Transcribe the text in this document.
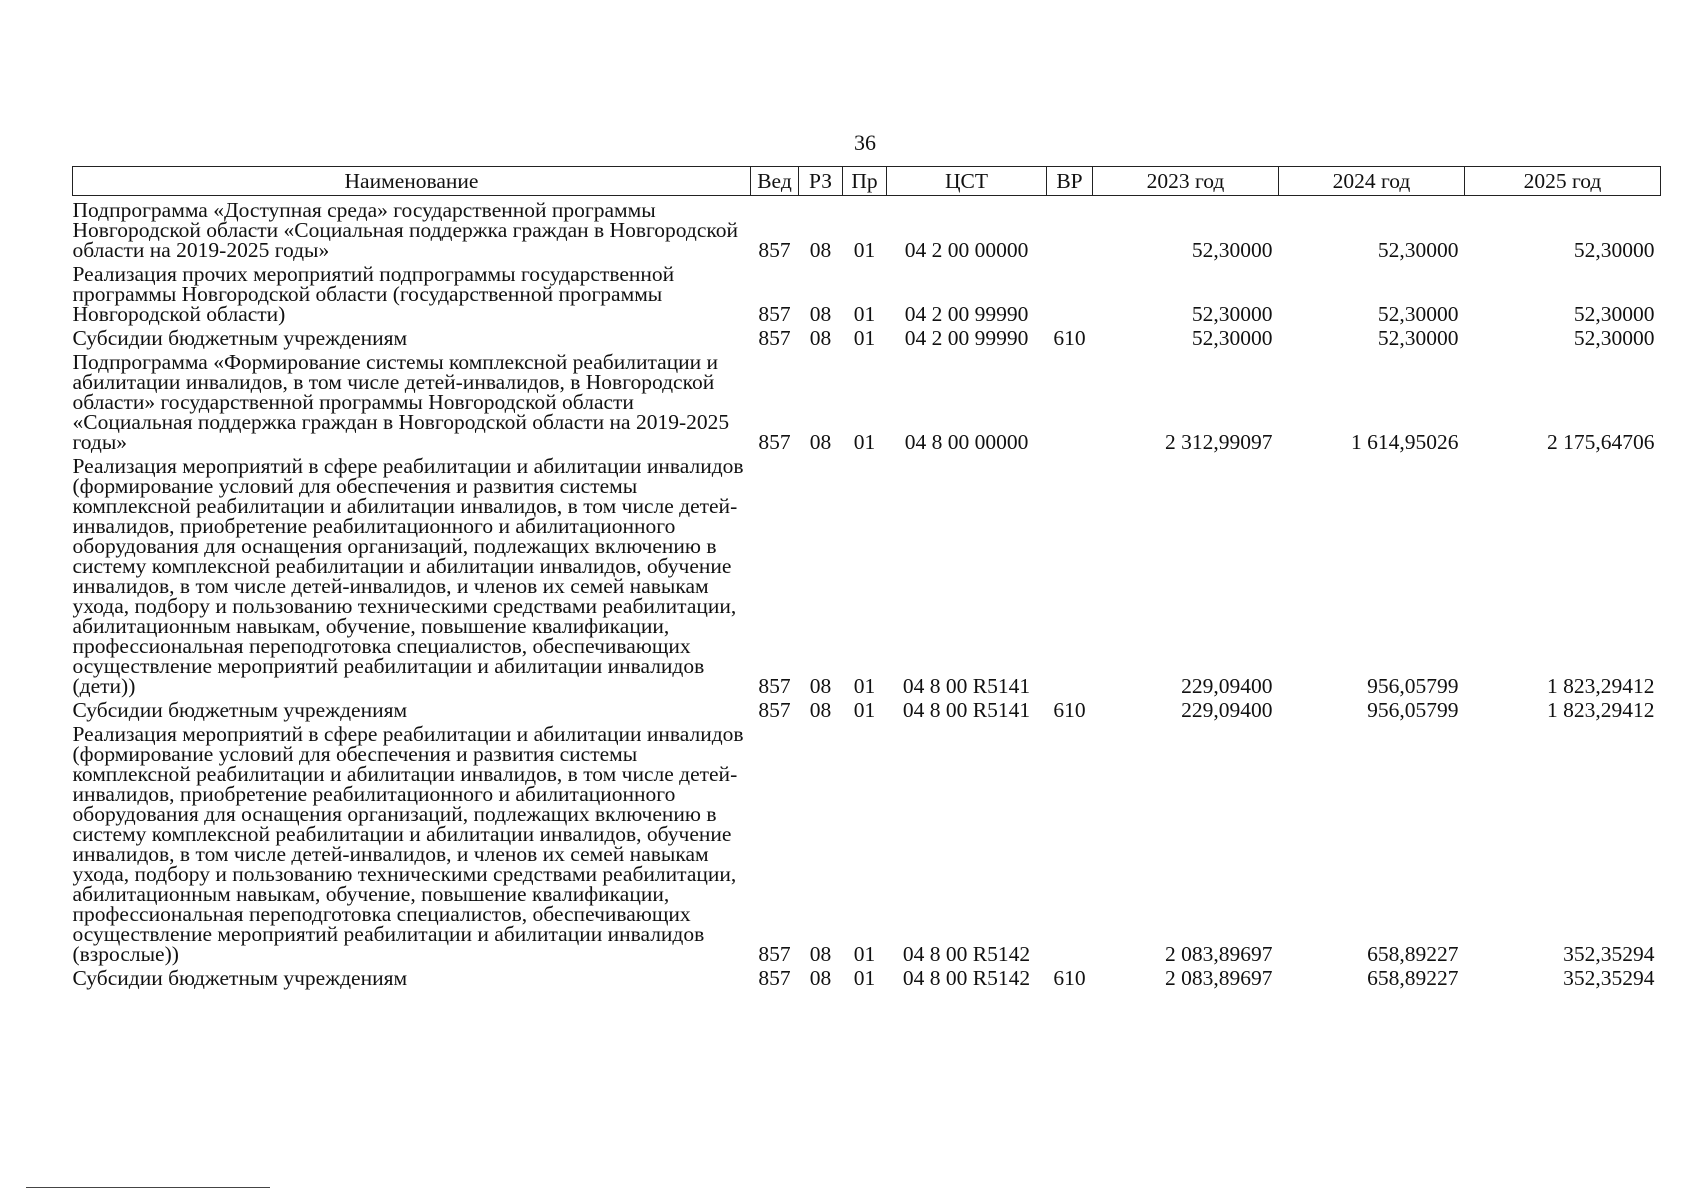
36
Наименование	Вед	РЗ	Пр	ЦСТ	ВР	2023 год	2024 год	2025 год
Подпрограмма «Доступная среда» государственной программы Новгородской области «Социальная поддержка граждан в Новгородской области на 2019-2025 годы»	857	08	01	04 2 00 00000		52,30000	52,30000	52,30000
Реализация прочих мероприятий подпрограммы государственной программы Новгородской области (государственной программы Новгородской области)	857	08	01	04 2 00 99990		52,30000	52,30000	52,30000
Субсидии бюджетным учреждениям	857	08	01	04 2 00 99990	610	52,30000	52,30000	52,30000
Подпрограмма «Формирование системы комплексной реабилитации и абилитации инвалидов, в том числе детей-инвалидов, в Новгородской области» государственной программы Новгородской области «Социальная поддержка граждан в Новгородской области на 2019-2025 годы»	857	08	01	04 8 00 00000		2 312,99097	1 614,95026	2 175,64706
Реализация мероприятий в сфере реабилитации и абилитации инвалидов (формирование условий для обеспечения и развития системы комплексной реабилитации и абилитации инвалидов, в том числе детей-инвалидов, приобретение реабилитационного и абилитационного оборудования для оснащения организаций, подлежащих включению в систему комплексной реабилитации и абилитации инвалидов, обучение инвалидов, в том числе детей-инвалидов, и членов их семей навыкам ухода, подбору и пользованию техническими средствами реабилитации, абилитационным навыкам, обучение, повышение квалификации, профессиональная переподготовка специалистов, обеспечивающих осуществление мероприятий реабилитации и абилитации инвалидов (дети))	857	08	01	04 8 00 R5141		229,09400	956,05799	1 823,29412
Субсидии бюджетным учреждениям	857	08	01	04 8 00 R5141	610	229,09400	956,05799	1 823,29412
Реализация мероприятий в сфере реабилитации и абилитации инвалидов (формирование условий для обеспечения и развития системы комплексной реабилитации и абилитации инвалидов, в том числе детей-инвалидов, приобретение реабилитационного и абилитационного оборудования для оснащения организаций, подлежащих включению в систему комплексной реабилитации и абилитации инвалидов, обучение инвалидов, в том числе детей-инвалидов, и членов их семей навыкам ухода, подбору и пользованию техническими средствами реабилитации, абилитационным навыкам, обучение, повышение квалификации, профессиональная переподготовка специалистов, обеспечивающих осуществление мероприятий реабилитации и абилитации инвалидов (взрослые))	857	08	01	04 8 00 R5142		2 083,89697	658,89227	352,35294
Субсидии бюджетным учреждениям	857	08	01	04 8 00 R5142	610	2 083,89697	658,89227	352,35294
